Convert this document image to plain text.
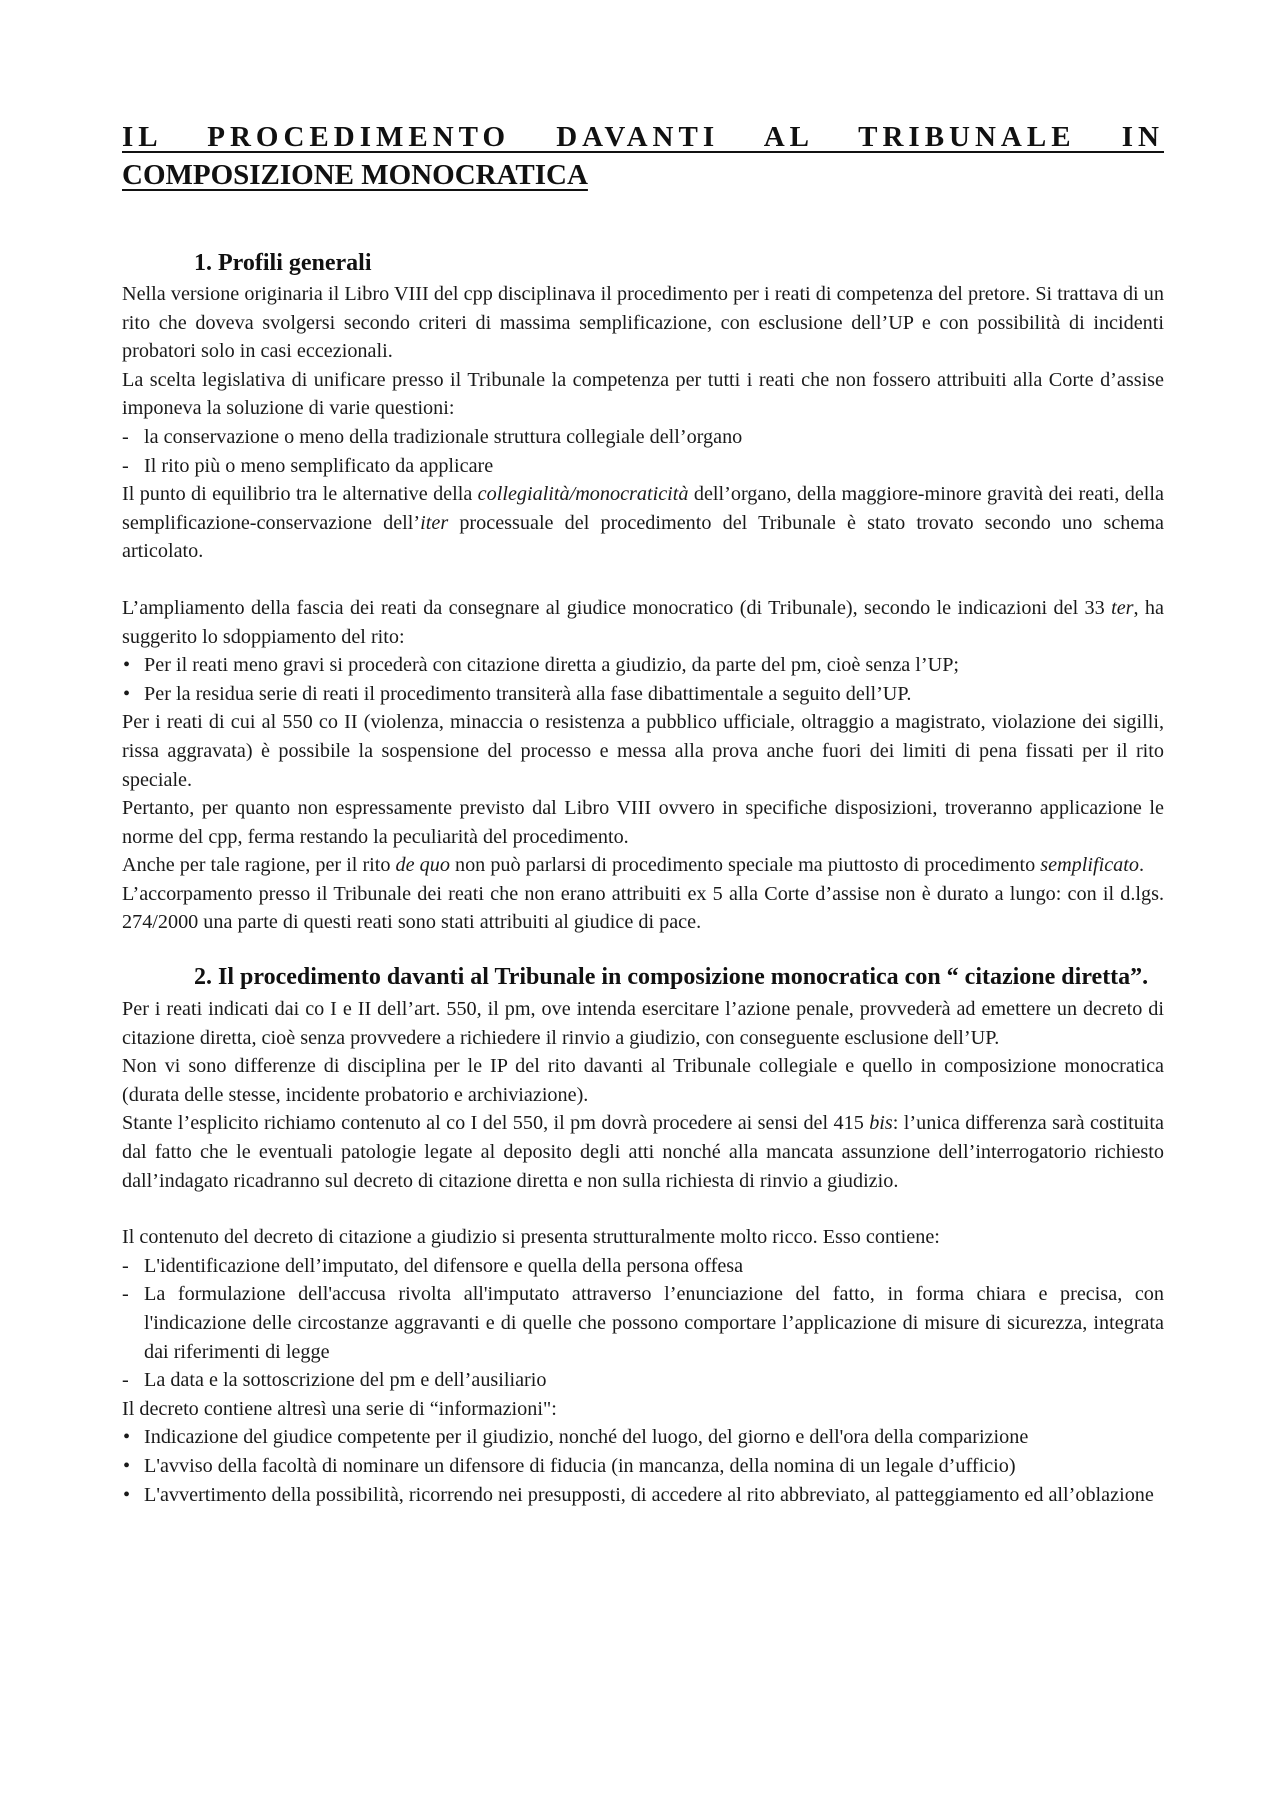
IL PROCEDIMENTO DAVANTI AL TRIBUNALE IN
COMPOSIZIONE MONOCRATICA
1. Profili generali

Nella versione originaria il Libro VIII del cpp disciplinava il procedimento per i reati di competenza del pretore. Si trattava di un rito che doveva svolgersi secondo criteri di massima semplificazione, con esclusione dell’UP e con possibilità di incidenti probatori solo in casi eccezionali.

La scelta legislativa di unificare presso il Tribunale la competenza per tutti i reati che non fossero attribuiti alla Corte d’assise imponeva la soluzione di varie questioni:

- la conservazione o meno della tradizionale struttura collegiale dell’organo
- Il rito più o meno semplificato da applicare

Il punto di equilibrio tra le alternative della collegialità/monocraticità dell’organo, della maggiore-minore gravità dei reati, della semplificazione-conservazione dell’iter processuale del procedimento del Tribunale è stato trovato secondo uno schema articolato.

L’ampliamento della fascia dei reati da consegnare al giudice monocratico (di Tribunale), secondo le indicazioni del 33 ter, ha suggerito lo sdoppiamento del rito:

• Per il reati meno gravi si procederà con citazione diretta a giudizio, da parte del pm, cioè senza l’UP;
• Per la residua serie di reati il procedimento transiterà alla fase dibattimentale a seguito dell’UP.

Per i reati di cui al 550 co II (violenza, minaccia o resistenza a pubblico ufficiale, oltraggio a magistrato, violazione dei sigilli, rissa aggravata) è possibile la sospensione del processo e messa alla prova anche fuori dei limiti di pena fissati per il rito speciale.

Pertanto, per quanto non espressamente previsto dal Libro VIII ovvero in specifiche disposizioni, troveranno applicazione le norme del cpp, ferma restando la peculiarità del procedimento.

Anche per tale ragione, per il rito de quo non può parlarsi di procedimento speciale ma piuttosto di procedimento semplificato.

L’accorpamento presso il Tribunale dei reati che non erano attribuiti ex 5 alla Corte d’assise non è durato a lungo: con il d.lgs. 274/2000 una parte di questi reati sono stati attribuiti al giudice di pace.

2. Il procedimento davanti al Tribunale in composizione monocratica con “ citazione diretta”.

Per i reati indicati dai co I e II dell’art. 550, il pm, ove intenda esercitare l’azione penale, provvederà ad emettere un decreto di citazione diretta, cioè senza provvedere a richiedere il rinvio a giudizio, con conseguente esclusione dell’UP.

Non vi sono differenze di disciplina per le IP del rito davanti al Tribunale collegiale e quello in composizione monocratica (durata delle stesse, incidente probatorio e archiviazione).

Stante l’esplicito richiamo contenuto al co I del 550, il pm dovrà procedere ai sensi del 415 bis: l’unica differenza sarà costituita dal fatto che le eventuali patologie legate al deposito degli atti nonché alla mancata assunzione dell’interrogatorio richiesto dall’indagato ricadranno sul decreto di citazione diretta e non sulla richiesta di rinvio a giudizio.

Il contenuto del decreto di citazione a giudizio si presenta strutturalmente molto ricco. Esso contiene:

- L'identificazione dell’imputato, del difensore e quella della persona offesa
- La formulazione dell'accusa rivolta all'imputato attraverso l’enunciazione del fatto, in forma chiara e precisa, con l'indicazione delle circostanze aggravanti e di quelle che possono comportare l’applicazione di misure di sicurezza, integrata dai riferimenti di legge
- La data e la sottoscrizione del pm e dell’ausiliario

Il decreto contiene altresì una serie di “informazioni":

• Indicazione del giudice competente per il giudizio, nonché del luogo, del giorno e dell'ora della comparizione
• L'avviso della facoltà di nominare un difensore di fiducia (in mancanza, della nomina di un legale d’ufficio)
• L'avvertimento della possibilità, ricorrendo nei presupposti, di accedere al rito abbreviato, al patteggiamento ed all’oblazione
